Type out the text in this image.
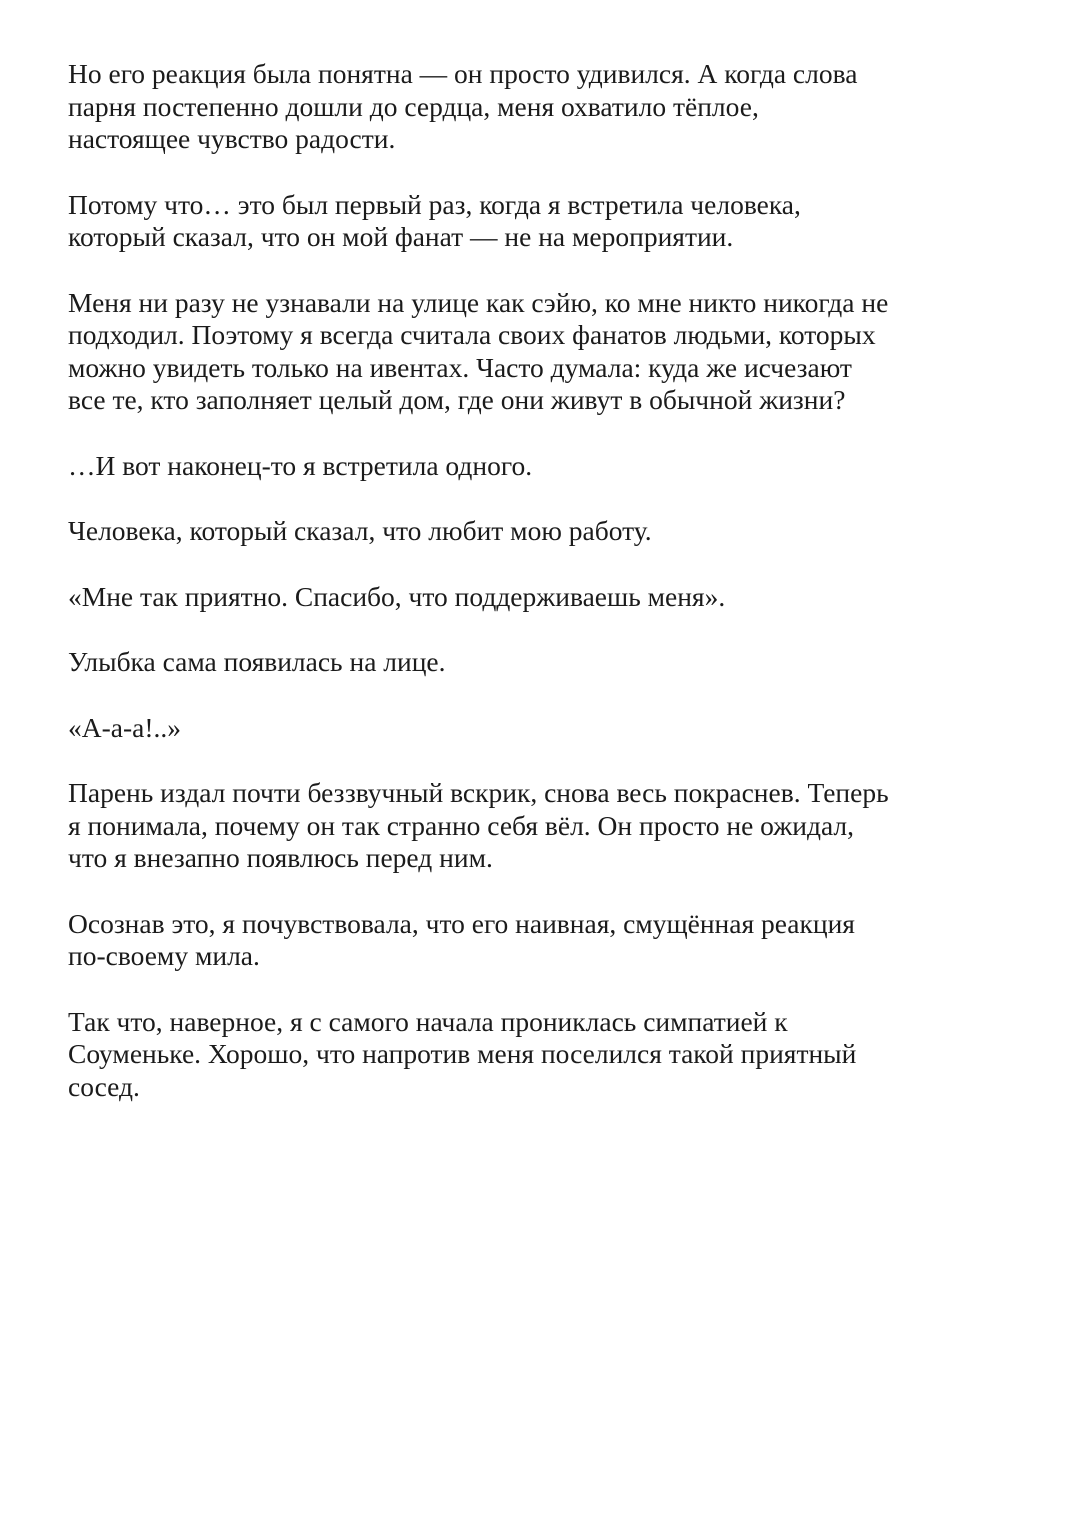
Но его реакция была понятна — он просто удивился. А когда слова
парня постепенно дошли до сердца, меня охватило тёплое,
настоящее чувство радости.

Потому что… это был первый раз, когда я встретила человека,
который сказал, что он мой фанат — не на мероприятии.

Меня ни разу не узнавали на улице как сэйю, ко мне никто никогда не
подходил. Поэтому я всегда считала своих фанатов людьми, которых
можно увидеть только на ивентах. Часто думала: куда же исчезают
все те, кто заполняет целый дом, где они живут в обычной жизни?

…И вот наконец-то я встретила одного.

Человека, который сказал, что любит мою работу.

«Мне так приятно. Спасибо, что поддерживаешь меня».

Улыбка сама появилась на лице.

«А-а-а!..»

Парень издал почти беззвучный вскрик, снова весь покраснев. Теперь
я понимала, почему он так странно себя вёл. Он просто не ожидал,
что я внезапно появлюсь перед ним.

Осознав это, я почувствовала, что его наивная, смущённая реакция
по-своему мила.

Так что, наверное, я с самого начала прониклась симпатией к
Соуменьке. Хорошо, что напротив меня поселился такой приятный
сосед.
